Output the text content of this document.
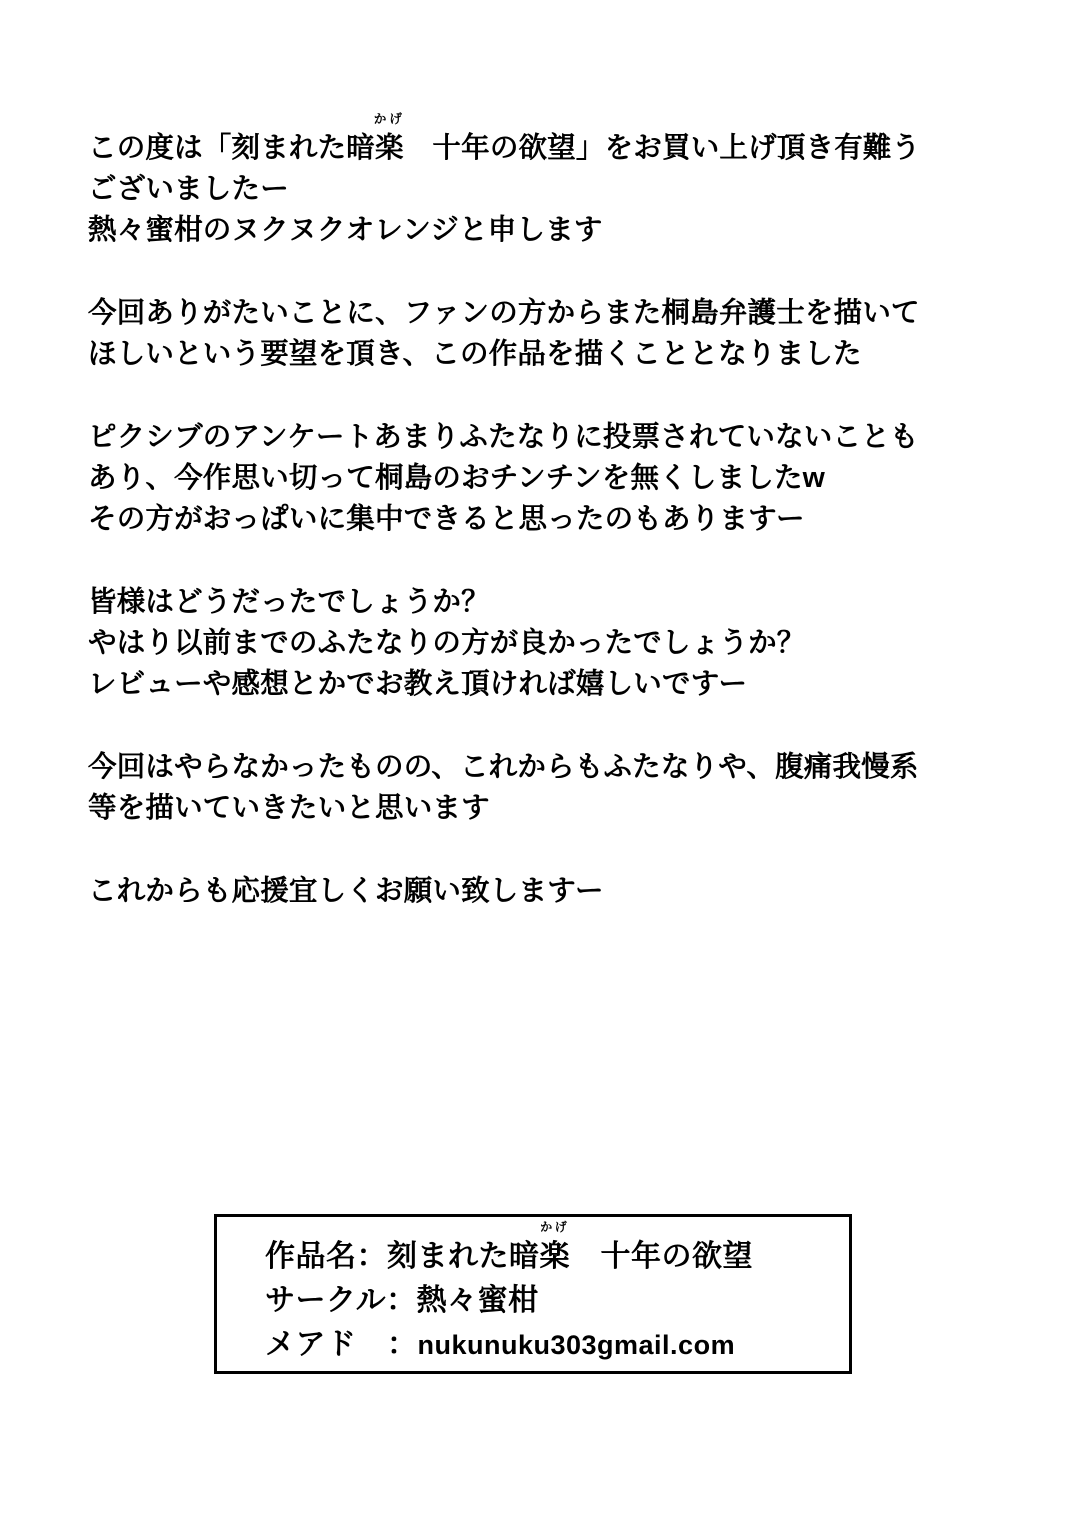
この度は「刻まれた暗
かげ
楽　十年の欲望」をお買い上げ頂き有難う
ございましたー
熱々蜜柑のヌクヌクオレンジと申します
今回ありがたいことに、ファンの方からまた桐島弁護士を描いて
ほしいという要望を頂き、この作品を描くこととなりました
ピクシブのアンケートあまりふたなりに投票されていないことも
あり、今作思い切って桐島のおチンチンを無くしましたw
その方がおっぱいに集中できると思ったのもありますー
皆様はどうだったでしょうか？
やはり以前までのふたなりの方が良かったでしょうか？
レビューや感想とかでお教え頂ければ嬉しいですー
今回はやらなかったものの、これからもふたなりや、腹痛我慢系
等を描いていきたいと思います
これからも応援宜しくお願い致しますー
作品名：刻まれた暗
かげ
楽　十年の欲望
サークル：熱々蜜柑
メアド　：nukunuku303gmail.com
